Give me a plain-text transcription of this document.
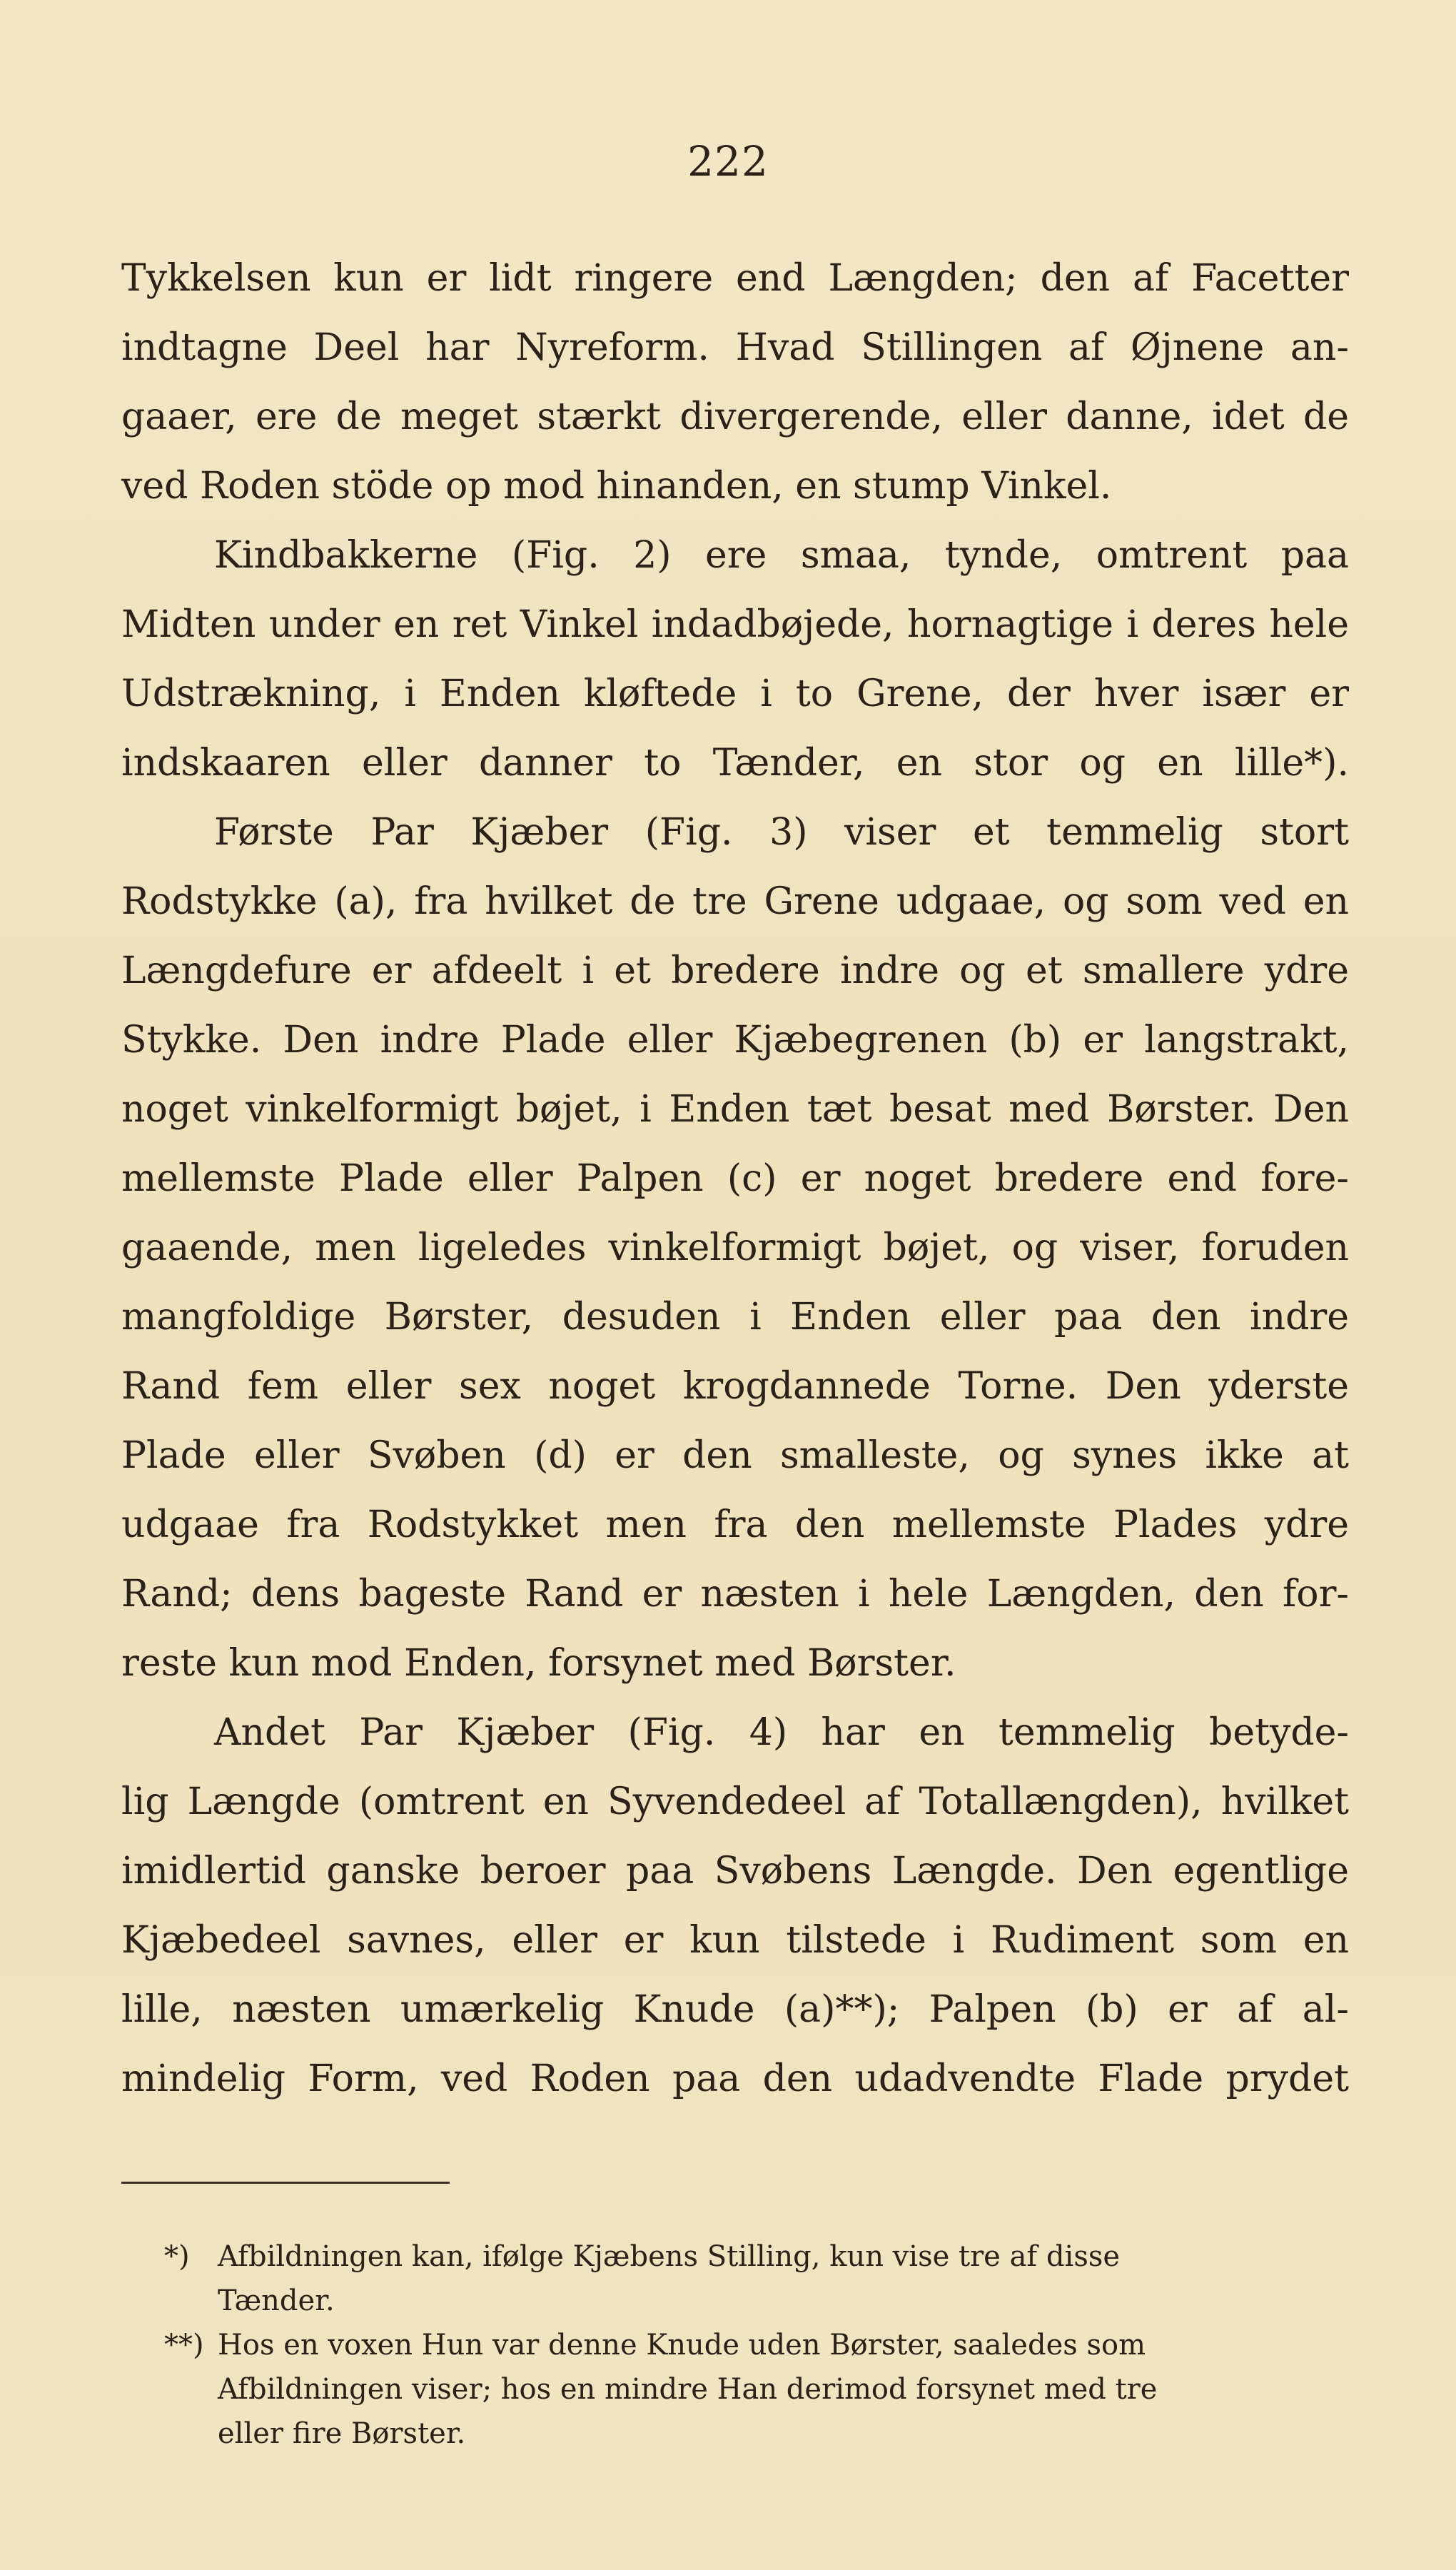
222
Tykkelsen kun er lidt ringere end Længden; den af Facetter
indtagne Deel har Nyreform. Hvad Stillingen af Øjnene an-
gaaer, ere de meget stærkt divergerende, eller danne, idet de
ved Roden stöde op mod hinanden, en stump Vinkel.
Kindbakkerne (Fig. 2) ere smaa, tynde, omtrent paa
Midten under en ret Vinkel indadbøjede, hornagtige i deres hele
Udstrækning, i Enden kløftede i to Grene, der hver især er
indskaaren eller danner to Tænder, en stor og en lille*).
Første Par Kjæber (Fig. 3) viser et temmelig stort
Rodstykke (a), fra hvilket de tre Grene udgaae, og som ved en
Længdefure er afdeelt i et bredere indre og et smallere ydre
Stykke. Den indre Plade eller Kjæbegrenen (b) er langstrakt,
noget vinkelformigt bøjet, i Enden tæt besat med Børster. Den
mellemste Plade eller Palpen (c) er noget bredere end fore-
gaaende, men ligeledes vinkelformigt bøjet, og viser, foruden
mangfoldige Børster, desuden i Enden eller paa den indre
Rand fem eller sex noget krogdannede Torne. Den yderste
Plade eller Svøben (d) er den smalleste, og synes ikke at
udgaae fra Rodstykket men fra den mellemste Plades ydre
Rand; dens bageste Rand er næsten i hele Længden, den for-
reste kun mod Enden, forsynet med Børster.
Andet Par Kjæber (Fig. 4) har en temmelig betyde-
lig Længde (omtrent en Syvendedeel af Totallængden), hvilket
imidlertid ganske beroer paa Svøbens Længde. Den egentlige
Kjæbedeel savnes, eller er kun tilstede i Rudiment som en
lille, næsten umærkelig Knude (a)**); Palpen (b) er af al-
mindelig Form, ved Roden paa den udadvendte Flade prydet
*) Afbildningen kan, ifølge Kjæbens Stilling, kun vise tre af disse
Tænder.
**) Hos en voxen Hun var denne Knude uden Børster, saaledes som
Afbildningen viser; hos en mindre Han derimod forsynet med tre
eller fire Børster.
